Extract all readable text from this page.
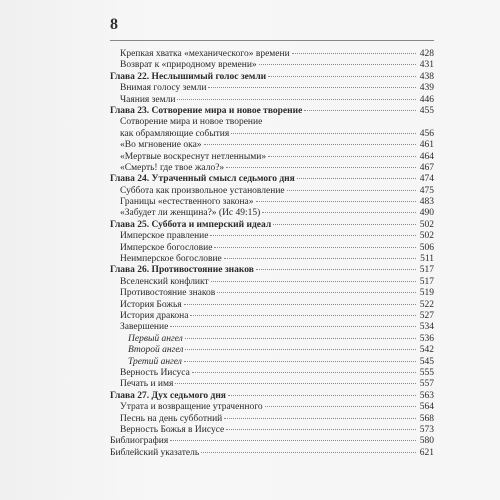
8
Крепкая хватка «механического» времени	428
Возврат к «природному времени»	431
Глава 22. Неслышимый голос земли	438
Внимая голосу земли	439
Чаяния земли	446
Глава 23. Сотворение мира и новое творение	455
Сотворение мира и новое творение
как обрамляющие события	456
«Во мгновение ока»	461
«Мертвые воскреснут нетленными»	464
«Смерть! где твое жало?»	467
Глава 24. Утраченный смысл седьмого дня	474
Суббота как произвольное установление	475
Границы «естественного закона»	483
«Забудет ли женщина?» (Ис 49:15)	490
Глава 25. Суббота и имперский идеал	502
Имперское правление	502
Имперское богословие	506
Неимперское богословие	511
Глава 26. Противостояние знаков	517
Вселенский конфликт	517
Противостояние знаков	519
История Божья	522
История дракона	527
Завершение	534
Первый ангел	536
Второй ангел	542
Третий ангел	545
Верность Иисуса	555
Печать и имя	557
Глава 27. Дух седьмого дня	563
Утрата и возвращение утраченного	564
Песнь на день субботний	568
Верность Божья в Иисусе	573
Библиография	580
Библейский указатель	621
